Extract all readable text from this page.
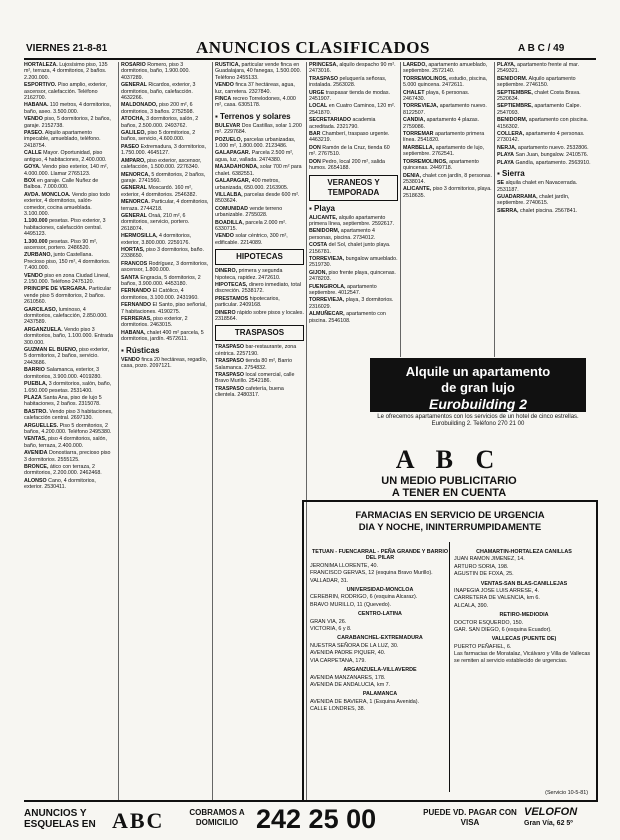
VIERNES 21-8-81	ANUNCIOS CLASIFICADOS	A B C / 49

HORTALEZA. Lujosísimo piso, 135 m², terraza, 4 dormitorios, 2 baños. 2.200.000.

ESPORTIVO. Piso amplio, exterior, ascensor, calefacción. Teléfono 2162700.

HABANA. 110 metros, 4 dormitorios, baño, aseo. 3.500.000.

VENDO piso, 5 dormitorios, 2 baños, garaje. 2152738.

PASEO. Alquilo apartamento impecable, amueblado, teléfono. 2418754.

CALLE Mayor. Oportunidad, piso antiguo, 4 habitaciones, 2.400.000.

GOYA. Vendo piso exterior, 140 m², 4.000.000. Llamar 2765123.

BOX en garaje. Calle Nuñez de Balboa. 7.000.000.

AVDA. MONCLOA. Vendo piso todo exterior, 4 dormitorios, salón-comedor, cocina amueblada. 3.100.000.

1.100.000 pesetas. Piso exterior, 3 habitaciones, calefacción central. 4495123.

1.300.000 pesetas. Piso 90 m², ascensor, portero. 2486520.

ZURBANO, junto Castellana. Precioso piso, 150 m², 4 dormitorios. 7.400.000.

VENDO piso en zona Ciudad Lineal, 2.150.000. Teléfono 2475120.

PRINCIPE DE VERGARA. Particular vende piso 5 dormitorios, 2 baños. 2610560.

GARCILASO, luminoso, 4 dormitorios, calefacción, 2.850.000. 2437589.

ARGANZUELA. Vendo piso 3 dormitorios, baño, 1.100.000. Entrada 300.000.

GUZMAN EL BUENO, piso exterior, 5 dormitorios, 2 baños, servicio. 2443686.

BARRIO Salamanca, exterior, 3 dormitorios, 3.900.000. 4019280.

PUEBLA, 3 dormitorios, salón, baño, 1.650.000 pesetas. 2531400.

PLAZA Santa Ana, piso de lujo 5 habitaciones, 2 baños. 2315078.

BASTRO. Vendo piso 3 habitaciones, calefacción central. 2697130.

ARGUELLES. Piso 5 dormitorios, 2 baños, 4.200.000. Teléfono 2495380.

VENTAS, piso 4 dormitorios, salón, baño, terraza, 2.400.000.

AVENIDA Donostiarra, precioso piso 3 dormitorios. 2555125.

BRONCE, ático con terraza, 2 dormitorios, 2.200.000. 2462468.

ALONSO Cano, 4 dormitorios, exterior. 2530411.

ROSARIO Romero, piso 3 dormitorios, baño, 1.900.000. 4037289.

GENERAL Ricardos, exterior, 3 dormitorios, baño, calefacción. 4632266.

MALDONADO, piso 200 m², 6 dormitorios, 3 baños. 2752598.

ATOCHA, 3 dormitorios, salón, 2 baños, 2.500.000. 2493762.

GALILEO, piso 5 dormitorios, 2 baños, servicio, 4.600.000.

PASEO Extremadura, 3 dormitorios, 1.750.000. 4645127.

AMPARO, piso exterior, ascensor, calefacción, 1.500.000. 2276340.

MENORCA, 5 dormitorios, 2 baños, garaje. 2741560.

GENERAL Moscardó. 160 m², exterior, 4 dormitorios. 2546382.

MENORCA. Particular, 4 dormitorios, terraza. 2744218.

GENERAL Oraá, 210 m², 6 dormitorios, servicio, portero. 2618074.

HERMOSILLA, 4 dormitorios, exterior, 3.800.000. 2259176.

HORTAS, piso 3 dormitorios, baño. 2338650.

FRANCOS Rodríguez, 3 dormitorios, ascensor, 1.800.000.

SANTA Engracia, 5 dormitorios, 2 baños, 3.900.000. 4453180.

FERNANDO El Católico, 4 dormitorios, 3.100.000. 2431960.

FERNANDO El Santo, piso señorial, 7 habitaciones. 4190275.

FERRERAS, piso exterior, 2 dormitorios. 2463015.

HABANA, chalet 400 m² parcela, 5 dormitorios, jardín. 4572611.

▪ Rústicas

VENDO finca 20 hectáreas, regadío, casa, pozo. 2097121.

RUSTICA, particular vende finca en Guadalajara, 40 fanegas, 1.500.000. Teléfono 2455133.

VENDO finca 37 hectáreas, agua, luz, carretera. 2327840.

FINCA recreo Torrelodones, 4.000 m², casa. 6305178.

▪ Terrenos y solares

BULEVAR Dos Castillas, solar 1.200 m². 2297684.

POZUELO, parcelas urbanizadas, 1.000 m², 1.800.000. 2123486.

GALAPAGAR. Parcela 2.500 m², agua, luz, vallada. 2474380.

MAJADAHONDA, solar 700 m² para chalet. 6382551.

GALAPAGAR, 400 metros, urbanizada, 650.000. 2163905.

VILLALBA, parcelas desde 600 m². 8503624.

COMUNIDAD vende terreno urbanizable. 2755028.

BOADILLA, parcela 2.000 m². 6330715.

VENDO solar céntrico, 300 m², edificable. 2214089.

HIPOTECAS

DINERO, primera y segunda hipoteca, rapidez. 2472610.

HIPOTECAS, dinero inmediato, total discreción. 2538172.

PRESTAMOS hipotecarios, particular. 2409168.

DINERO rápido sobre pisos y locales. 2318564.

TRASPASOS

TRASPASO bar-restaurante, zona céntrica. 2257190.

TRASPASO tienda 80 m², Barrio Salamanca. 2754832.

TRASPASO local comercial, calle Bravo Murillo. 2542186.

TRASPASO cafetería, buena clientela. 2480317.

PRINCESA, alquilo despacho 90 m². 2473016.

TRASPASO peluquería señoras, instalada. 2563028.

URGE traspasar tienda de modas. 2451907.

LOCAL en Cuatro Caminos, 120 m². 2541870.

SECRETARIADO academia acreditada. 2321790.

BAR Chamberí, traspaso urgente. 4463219.

DON Ramón de la Cruz, tienda 60 m². 2767510.

DON Pedro, local 200 m², salida humos. 2654188.

VERANEOS Y TEMPORADA
▪ Playa

ALICANTE, alquilo apartamento primera línea, septiembre. 2592617.

BENIDORM, apartamento 4 personas, piscina. 2734012.

COSTA del Sol, chalet junto playa. 2156781.

TORREVIEJA, bungalow amueblado. 2519730.

GIJON, piso frente playa, quincenas. 2478203.

FUENGIROLA, apartamento septiembre. 4012547.

TORREVIEJA, playa, 3 dormitorios. 2316029.

ALMUÑECAR, apartamento con piscina. 2546108.

LAREDO, apartamento amueblado, septiembre. 2572140.

TORREMOLINOS, estudio, piscina, 5.000 quincena. 2472611.

CHALET playa, 6 personas. 2467430.

TORREVIEJA, apartamento nuevo. 8122507.

CANDIA, apartamento 4 plazas. 2759086.

TORREMAR apartamento primera línea. 2541820.

MARBELLA, apartamento de lujo, septiembre. 2762541.

TORREMOLINOS, apartamento quincenas. 2449718.

DENIA, chalet con jardín, 8 personas. 2538014.

ALICANTE, piso 3 dormitorios, playa. 2518635.

PLAYA, apartamento frente al mar. 2549321.

BENIDORM. Alquilo apartamento septiembre. 2746150.

SEPTIEMBRE, chalet Costa Brava. 2520634.

SEPTIEMBRE, apartamento Calpe. 2547093.

BENIDORM, apartamento con piscina. 4156302.

COLLERA, apartamento 4 personas. 2730142.

NERJA, apartamento nuevo. 2532806.

PLAYA San Juan, bungalow. 2410576.

PLAYA Gandía, apartamento. 2563910.

▪ Sierra

SE alquila chalet en Navacerrada. 2531187.

GUADARRAMA, chalet jardín, septiembre. 2740615.

SIERRA, chalet piscina. 2567841.

Alquile un apartamento
de gran lujo
Eurobuilding 2
Le ofrecemos apartamentos con los servicios de un hotel de cinco estrellas. Eurobuilding 2. Teléfono 270 21 00
A B C
UN MEDIO PUBLICITARIO
A TENER EN CUENTA
FARMACIAS EN SERVICIO DE URGENCIA
DIA Y NOCHE, ININTERRUMPIDAMENTE
TETUAN - FUENCARRAL - PEÑA GRANDE Y BARRIO DEL PILAR

JERONIMA LLORENTE, 40.

FRANCISCO GERVAS, 12 (esquina Bravo Murillo).

VALLADAR, 31.

UNIVERSIDAD-MONCLOA

CEREBRIN, RODRIGO, 6 (esquina Alcaraz).

BRAVO MURILLO, 11 (Quevedo).

CENTRO-LATINA

GRAN VIA, 26.

VICTORIA, 6 y 8.

CARABANCHEL-EXTREMADURA

NUESTRA SEÑORA DE LA LUZ, 30.

AVENIDA PADRE PIQUER, 40.

VIA CARPETANA, 179.

ARGANZUELA-VILLAVERDE

AVENIDA MANZANARES, 178.

AVENIDA DE ANDALUCIA, km 7.

PALAMANCA

AVENIDA DE BAVIERA, 1 (Esquina Avenida).

CALLE LONDRES, 38.

CHAMARTIN-HORTALEZA CANILLAS

JUAN RAMON JIMENEZ, 14.

ARTURO SORIA, 198.

AGUSTIN DE FOXA, 25.

VENTAS-SAN BLAS-CANILLEJAS

INAPEGIA JOSE LUIS ARRESE, 4.

CARRETERA DE VALENCIA, km 6.

ALCALA, 390.

RETIRO-MEDIODIA

DOCTOR ESQUERDO, 150.

GAR. SAN DIEGO, 6 (esquina Ecuador).

VALLECAS (PUENTE DE)

PUERTO PEÑAFIEL, 6.

Las farmacias de Moratalaz, Vicálvaro y Villa de Vallecas se remiten al servicio establecido de urgencias.

(Servicio 10-5-81)
ANUNCIOS Y ESQUELAS EN ABC	COBRAMOS A DOMICILIO 242 25 00	PUEDE VD. PAGAR CON VISA
VELOFON
Gran Vía, 62 5º
